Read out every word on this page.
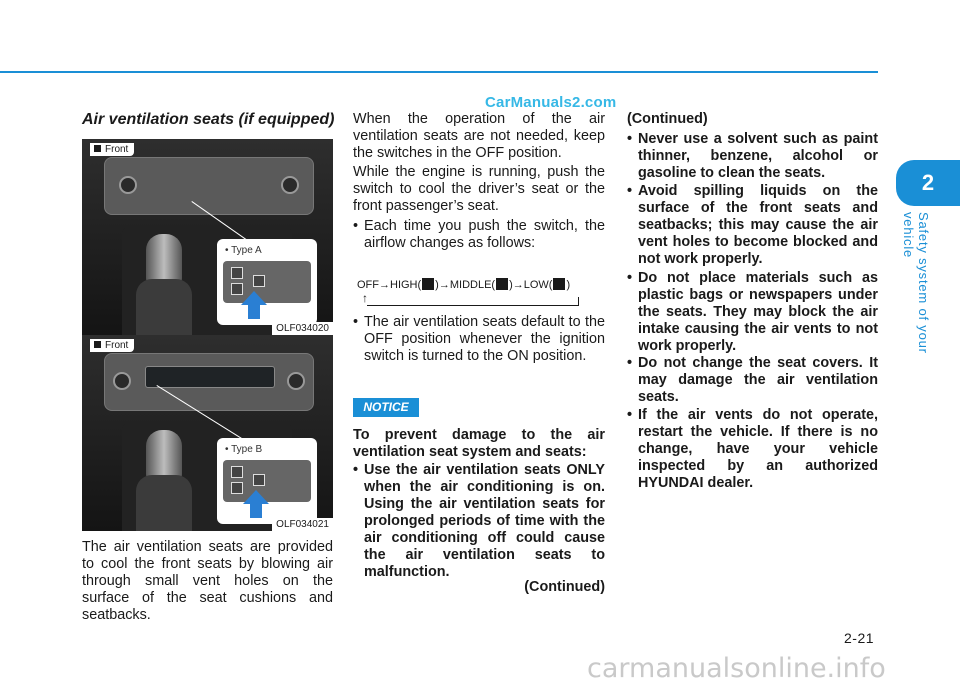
CarManuals2.com
2
Safety system of your vehicle
Air ventilation seats (if equipped)
Front
• Type A
OLF034020
Front
• Type B
OLF034021
The air ventilation seats are provided to cool the front seats by blowing air through small vent holes on the surface of the seat cushions and seatbacks.
When the operation of the air ventilation seats are not needed, keep the switches in the OFF position.
While the engine is running, push the switch to cool the driver’s seat or the front passenger’s seat.
• Each time you push the switch, the airflow changes as follows:
OFF→HIGH( )→MIDDLE( )→LOW( )
↑
• The air ventilation seats default to the OFF position whenever the ignition switch is turned to the ON position.
NOTICE
To prevent damage to the air ventilation seat system and seats:
• Use the air ventilation seats ONLY when the air conditioning is on. Using the air ventilation seats for prolonged periods of time with the air conditioning off could cause the air ventilation seats to malfunction.
(Continued)
(Continued)
• Never use a solvent such as paint thinner, benzene, alcohol or gasoline to clean the seats.
• Avoid spilling liquids on the surface of the front seats and seatbacks; this may cause the air vent holes to become blocked and not work properly.
• Do not place materials such as plastic bags or newspapers under the seats. They may block the air intake causing the air vents to not work properly.
• Do not change the seat covers. It may damage the air ventilation seats.
• If the air vents do not operate, restart the vehicle. If there is no change, have your vehicle inspected by an authorized HYUNDAI dealer.
2-21
carmanualsonline.info
